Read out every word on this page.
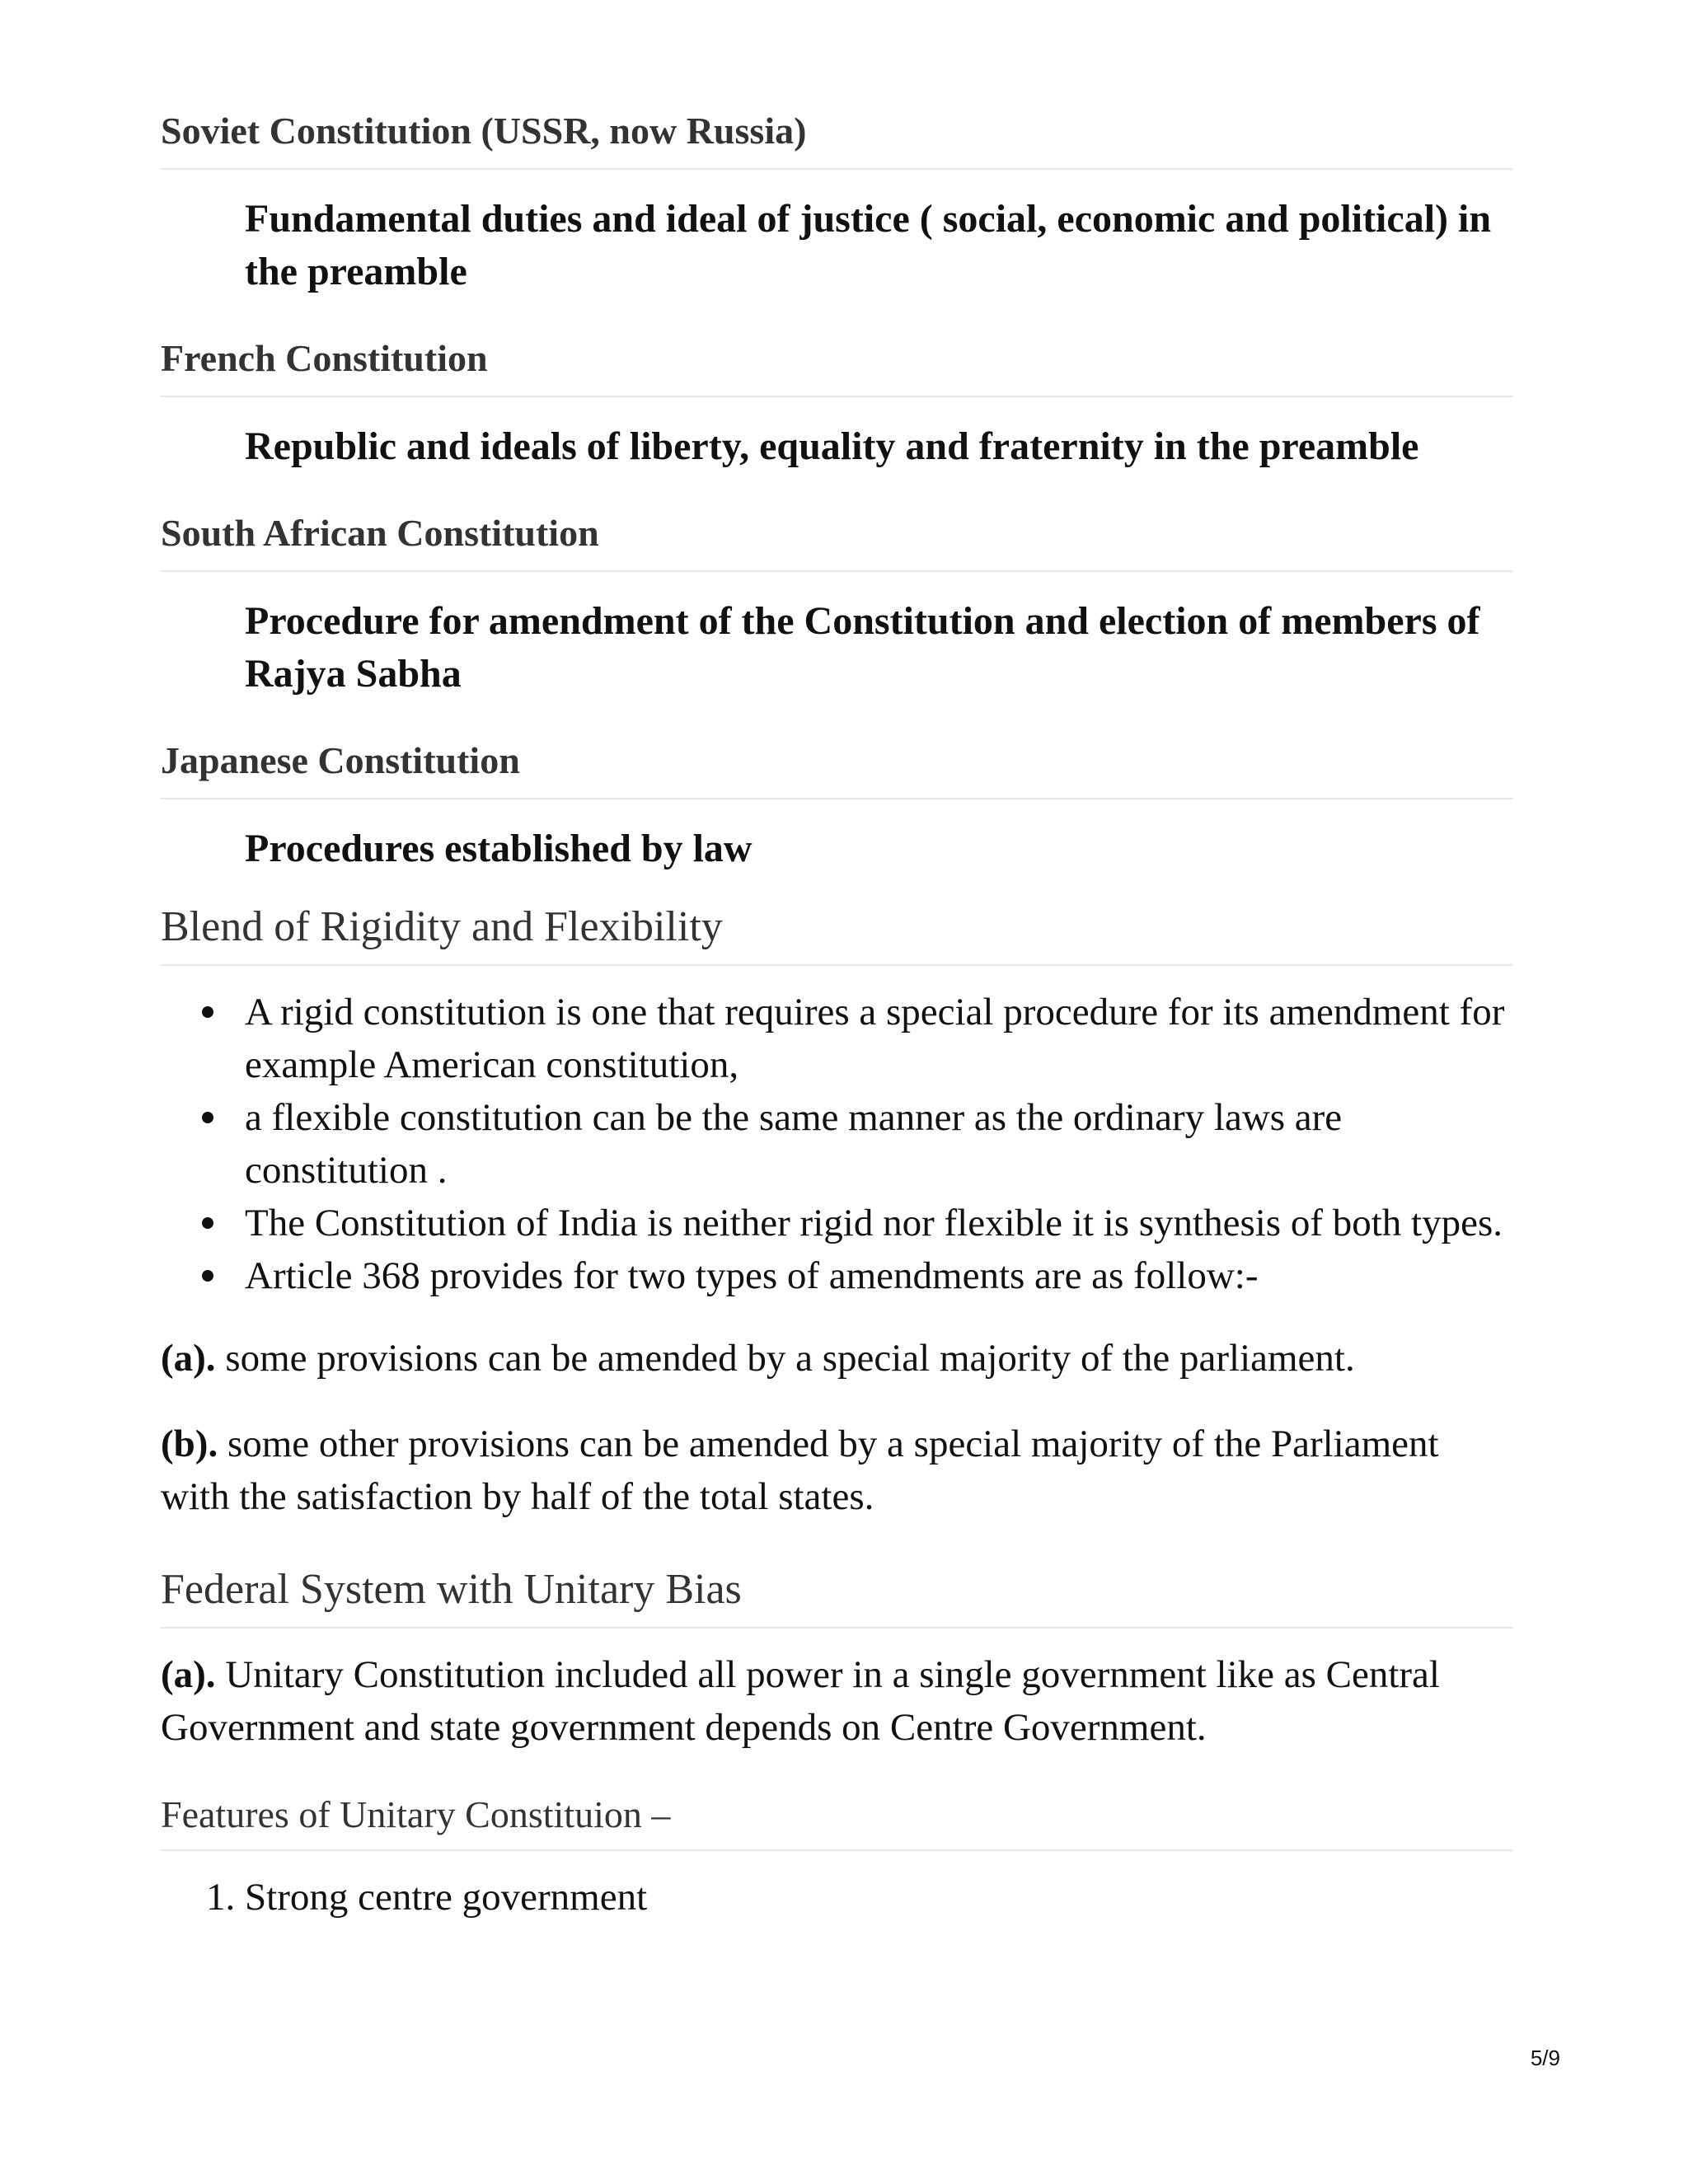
Soviet Constitution (USSR, now Russia)
Fundamental duties and ideal of justice ( social, economic and political) in the preamble
French Constitution
Republic and ideals of liberty, equality and fraternity in the preamble
South African Constitution
Procedure for amendment of the Constitution and election of members of Rajya Sabha
Japanese Constitution
Procedures established by law
Blend of Rigidity and Flexibility
A rigid constitution is one that requires a special procedure for its amendment for example American constitution,
a flexible constitution can be the same manner as the ordinary laws are constitution .
The Constitution of India is neither rigid nor flexible it is synthesis of both types.
Article 368 provides for two types of amendments are as follow:-

(a). some provisions can be amended by a special majority of the parliament.

(b). some other provisions can be amended by a special majority of the Parliament with the satisfaction by half of the total states.

Federal System with Unitary Bias

(a). Unitary Constitution included all power in a single government like as Central Government and state government depends on Centre Government.

Features of Unitary Constituion –
1. Strong centre government
5/9
